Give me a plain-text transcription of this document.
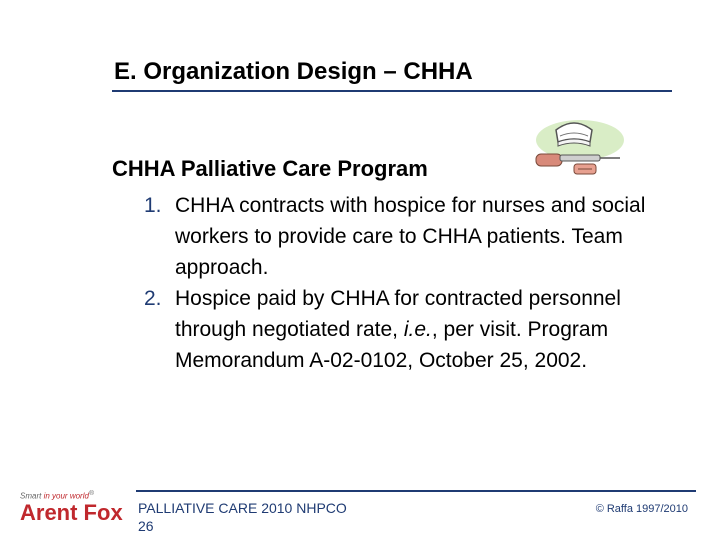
E. Organization Design – CHHA
CHHA Palliative Care Program
1. CHHA contracts with hospice for nurses and social workers to provide care to CHHA patients. Team approach.
2. Hospice paid by CHHA for contracted personnel through negotiated rate, i.e., per visit. Program Memorandum A-02-0102, October 25, 2002.
PALLIATIVE CARE 2010 NHPCO
26
© Raffa 1997/2010
Smart in your world®
Arent Fox
